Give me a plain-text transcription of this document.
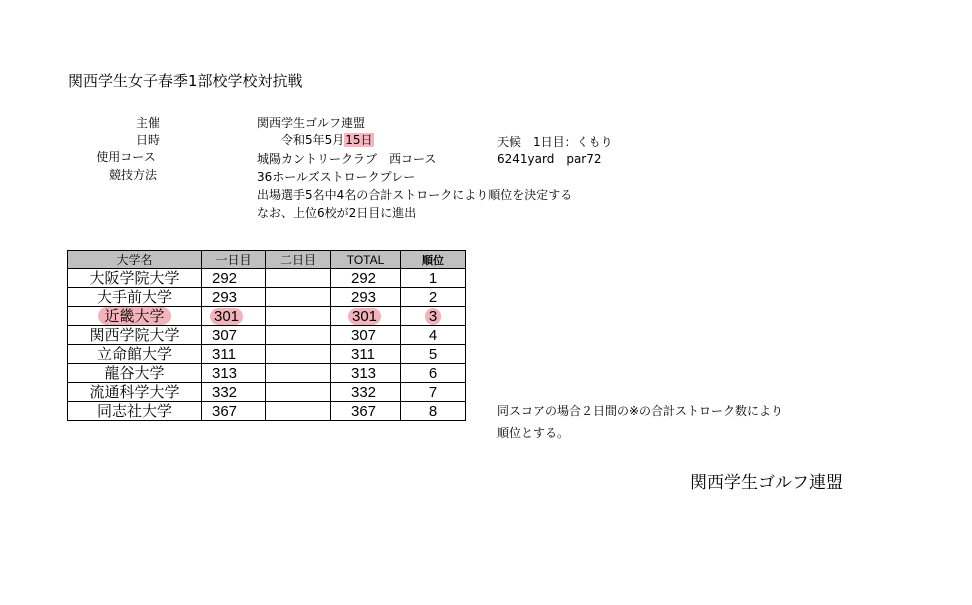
関西学生女子春季1部校学校対抗戦
主催	関西学生ゴルフ連盟
日時	令和5年5月15日	天候　1日目：くもり
使用コース	城陽カントリークラブ　西コース	6241yard　par72
競技方法	36ホールズストロークプレー
出場選手5名中4名の合計ストロークにより順位を決定する
なお、上位6校が2日目に進出
大学名	一日目	二日目	TOTAL	順位
大阪学院大学	292		292	1
大手前大学	293		293	2
近畿大学	301		301	3
関西学院大学	307		307	4
立命館大学	311		311	5
龍谷大学	313		313	6
流通科学大学	332		332	7
同志社大学	367		367	8	同スコアの場合２日間の※の合計ストローク数により
順位とする。
関西学生ゴルフ連盟
